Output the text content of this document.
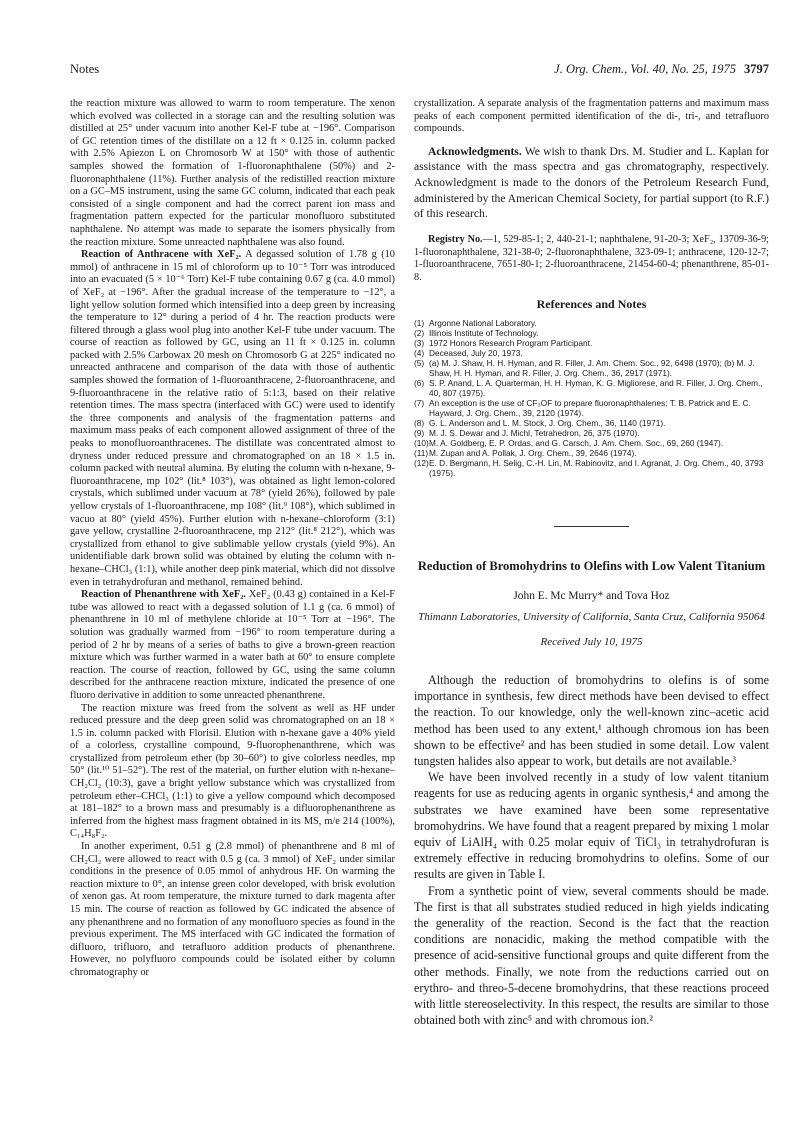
Notes	J. Org. Chem., Vol. 40, No. 25, 1975 3797

the reaction mixture was allowed to warm to room temperature. The xenon which evolved was collected in a storage can and the resulting solution was distilled at 25° under vacuum into another Kel-F tube at −196°. Comparison of GC retention times of the distillate on a 12 ft × 0.125 in. column packed with 2.5% Apiezon L on Chromosorb W at 150° with those of authentic samples showed the formation of 1-fluoronaphthalene (50%) and 2-fluoronaphthalene (11%). Further analysis of the redistilled reaction mixture on a GC–MS instrument, using the same GC column, indicated that each peak consisted of a single component and had the correct parent ion mass and fragmentation pattern expected for the particular monofluoro substituted naphthalene. No attempt was made to separate the isomers physically from the reaction mixture. Some unreacted naphthalene was also found.

Reaction of Anthracene with XeF₂. A degassed solution of 1.78 g (10 mmol) of anthracene in 15 ml of chloroform up to 10⁻⁵ Torr was introduced into an evacuated (5 × 10⁻⁶ Torr) Kel-F tube containing 0.67 g (ca. 4.0 mmol) of XeF₂ at −196°. After the gradual increase of the temperature to −12°, a light yellow solution formed which intensified into a deep green by increasing the temperature to 12° during a period of 4 hr. The reaction products were filtered through a glass wool plug into another Kel-F tube under vacuum. The course of reaction as followed by GC, using an 11 ft × 0.125 in. column packed with 2.5% Carbowax 20 mesh on Chromosorb G at 225° indicated no unreacted anthracene and comparison of the data with those of authentic samples showed the formation of 1-fluoroanthracene, 2-fluoroanthracene, and 9-fluoroanthracene in the relative ratio of 5:1:3, based on their relative retention times. The mass spectra (interfaced with GC) were used to identify the three components and analysis of the fragmentation patterns and maximum mass peaks of each component allowed assignment of three of the peaks to monofluoroanthracenes. The distillate was concentrated almost to dryness under reduced pressure and chromatographed on an 18 × 1.5 in. column packed with neutral alumina. By eluting the column with n-hexane, 9-fluoroanthracene, mp 102° (lit.⁸ 103°), was obtained as light lemon-colored crystals, which sublimed under vacuum at 78° (yield 26%), followed by pale yellow crystals of 1-fluoroanthracene, mp 108° (lit.⁹ 108°), which sublimed in vacuo at 80° (yield 45%). Further elution with n-hexane–chloroform (3:1) gave yellow, crystalline 2-fluoroanthracene, mp 212° (lit.⁸ 212°), which was crystallized from ethanol to give sublimable yellow crystals (yield 9%). An unidentifiable dark brown solid was obtained by eluting the column with n-hexane–CHCl₃ (1:1), while another deep pink material, which did not dissolve even in tetrahydrofuran and methanol, remained behind.

Reaction of Phenanthrene with XeF₂. XeF₂ (0.43 g) contained in a Kel-F tube was allowed to react with a degassed solution of 1.1 g (ca. 6 mmol) of phenanthrene in 10 ml of methylene chloride at 10⁻⁵ Torr at −196°. The solution was gradually warmed from −196° to room temperature during a period of 2 hr by means of a series of baths to give a brown-green reaction mixture which was further warmed in a water bath at 60° to ensure complete reaction. The course of reaction, followed by GC, using the same column described for the anthracene reaction mixture, indicated the presence of one fluoro derivative in addition to some unreacted phenanthrene.

The reaction mixture was freed from the solvent as well as HF under reduced pressure and the deep green solid was chromatographed on an 18 × 1.5 in. column packed with Florisil. Elution with n-hexane gave a 40% yield of a colorless, crystalline compound, 9-fluorophenanthrene, which was crystallized from petroleum ether (bp 30–60°) to give colorless needles, mp 50° (lit.¹⁰ 51–52°). The rest of the material, on further elution with n-hexane–CH₂Cl₂ (10:3), gave a bright yellow substance which was crystallized from petroleum ether–CHCl₃ (1:1) to give a yellow compound which decomposed at 181–182° to a brown mass and presumably is a difluorophenanthrene as inferred from the highest mass fragment obtained in its MS, m/e 214 (100%), C₁₄H₈F₂.

In another experiment, 0.51 g (2.8 mmol) of phenanthrene and 8 ml of CH₂Cl₂ were allowed to react with 0.5 g (ca. 3 mmol) of XeF₂ under similar conditions in the presence of 0.05 mmol of anhydrous HF. On warming the reaction mixture to 0°, an intense green color developed, with brisk evolution of xenon gas. At room temperature, the mixture turned to dark magenta after 15 min. The course of reaction as followed by GC indicated the absence of any phenanthrene and no formation of any monofluoro species as found in the previous experiment. The MS interfaced with GC indicated the formation of difluoro, trifluoro, and tetrafluoro addition products of phenanthrene. However, no polyfluoro compounds could be isolated either by column chromatography or

crystallization. A separate analysis of the fragmentation patterns and maximum mass peaks of each component permitted identification of the di-, tri-, and tetrafluoro compounds.

Acknowledgments. We wish to thank Drs. M. Studier and L. Kaplan for assistance with the mass spectra and gas chromatography, respectively. Acknowledgment is made to the donors of the Petroleum Research Fund, administered by the American Chemical Society, for partial support (to R.F.) of this research.

Registry No.—1, 529-85-1; 2, 440-21-1; naphthalene, 91-20-3; XeF₂, 13709-36-9; 1-fluoronaphthalene, 321-38-0; 2-fluoronaphthalene, 323-09-1; anthracene, 120-12-7; 1-fluoroanthracene, 7651-80-1; 2-fluoroanthracene, 21454-60-4; phenanthrene, 85-01-8.

References and Notes
(1) Argonne National Laboratory.
(2) Illinois Institute of Technology.
(3) 1972 Honors Research Program Participant.
(4) Deceased, July 20, 1973.
(5) (a) M. J. Shaw, H. H. Hyman, and R. Filler, J. Am. Chem. Soc., 92, 6498 (1970); (b) M. J. Shaw, H. H. Hyman, and R. Filler, J. Org. Chem., 36, 2917 (1971).
(6) S. P. Anand, L. A. Quarterman, H. H. Hyman, K. G. Migliorese, and R. Filler, J. Org. Chem., 40, 807 (1975).
(7) An exception is the use of CF₃OF to prepare fluoronaphthalenes: T. B. Patrick and E. C. Hayward, J. Org. Chem., 39, 2120 (1974).
(8) G. L. Anderson and L. M. Stock, J. Org. Chem., 36, 1140 (1971).
(9) M. J. S. Dewar and J. Michl, Tetrahedron, 26, 375 (1970).
(10) M. A. Goldberg, E. P. Ordas, and G. Carsch, J. Am. Chem. Soc., 69, 260 (1947).
(11) M. Zupan and A. Pollak, J. Org. Chem., 39, 2646 (1974).
(12) E. D. Bergmann, H. Selig, C.-H. Lin, M. Rabinovitz, and I. Agranat, J. Org. Chem., 40, 3793 (1975).
Reduction of Bromohydrins to Olefins with Low Valent Titanium
John E. Mc Murry* and Tova Hoz
Thimann Laboratories, University of California, Santa Cruz, California 95064
Received July 10, 1975

Although the reduction of bromohydrins to olefins is of some importance in synthesis, few direct methods have been devised to effect the reaction. To our knowledge, only the well-known zinc–acetic acid method has been used to any extent,¹ although chromous ion has been shown to be effective² and has been studied in some detail. Low valent tungsten halides also appear to work, but details are not available.³

We have been involved recently in a study of low valent titanium reagents for use as reducing agents in organic synthesis,⁴ and among the substrates we have examined have been some representative bromohydrins. We have found that a reagent prepared by mixing 1 molar equiv of LiAlH₄ with 0.25 molar equiv of TiCl₃ in tetrahydrofuran is extremely effective in reducing bromohydrins to olefins. Some of our results are given in Table I.

From a synthetic point of view, several comments should be made. The first is that all substrates studied reduced in high yields indicating the generality of the reaction. Second is the fact that the reaction conditions are nonacidic, making the method compatible with the presence of acid-sensitive functional groups and quite different from the other methods. Finally, we note from the reductions carried out on erythro- and threo-5-decene bromohydrins, that these reactions proceed with little stereoselectivity. In this respect, the results are similar to those obtained both with zinc⁵ and with chromous ion.²
